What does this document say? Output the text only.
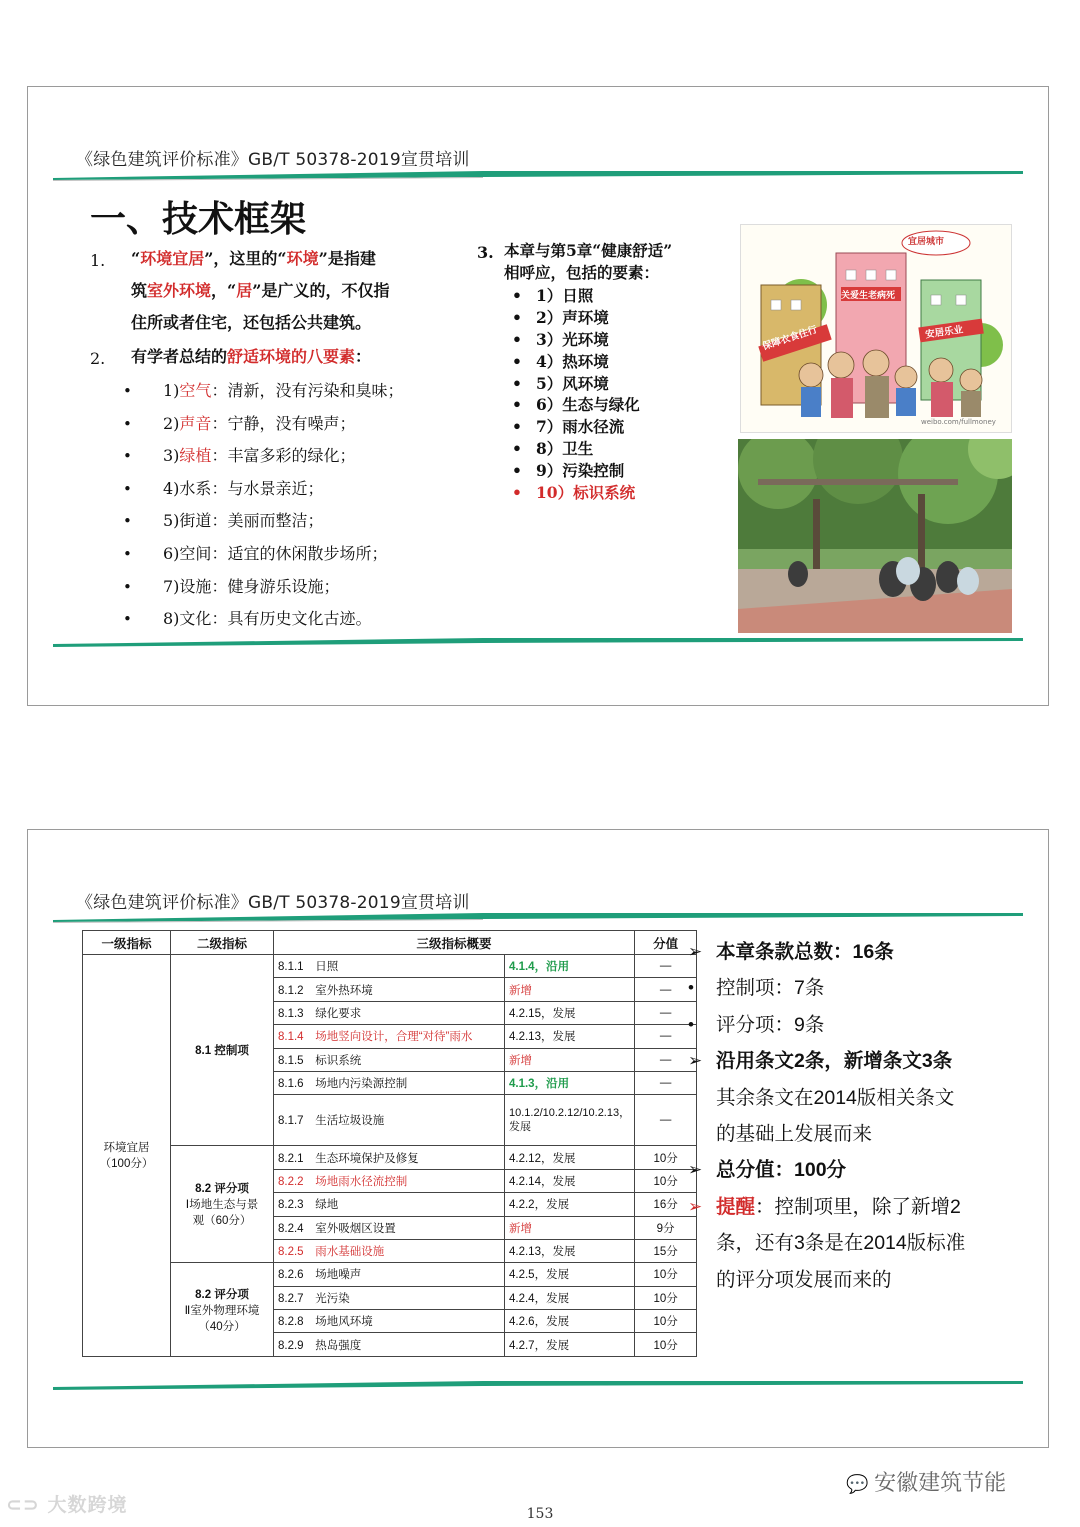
《绿色建筑评价标准》GB/T 50378-2019宣贯培训
一、技术框架
1. “环境宜居”，这里的“环境”是指建
筑室外环境，“居”是广义的，不仅指
住所或者住宅，还包括公共建筑。
2. 有学者总结的舒适环境的八要素：
• 1)空气：清新，没有污染和臭味；
• 2)声音：宁静，没有噪声；
• 3)绿植：丰富多彩的绿化；
• 4)水系：与水景亲近；
• 5)街道：美丽而整洁；
• 6)空间：适宜的休闲散步场所；
• 7)设施：健身游乐设施；
• 8)文化：具有历史文化古迹。
3. 本章与第5章“健康舒适”
相呼应，包括的要素：
• 1）日照
• 2）声环境
• 3）光环境
• 4）热环境
• 5）风环境
• 6）生态与绿化
• 7）雨水径流
• 8）卫生
• 9）污染控制
• 10）标识系统
宜居城市
关爱生老病死
保障衣食住行	安居乐业
weibo.com/fullmoney
《绿色建筑评价标准》GB/T 50378-2019宣贯培训
一级指标	二级指标	三级指标概要		分值

环境宜居
（100分）	8.1 控制项	8.1.1 日照	4.1.4，沿用	—
		8.1.2 室外热环境	新增	—
		8.1.3 绿化要求	4.2.15，发展	—
		8.1.4 场地竖向设计，合理“对待”雨水	4.2.13，发展	—
		8.1.5 标识系统	新增	—
		8.1.6 场地内污染源控制	4.1.3，沿用	—
		8.1.7 生活垃圾设施	10.1.2/10.2.12/10.2.13，发展	—

	8.2 评分项
Ⅰ场地生态与景
观（60分）	8.2.1 生态环境保护及修复	4.2.12，发展	10分
		8.2.2 场地雨水径流控制	4.2.14，发展	10分
		8.2.3 绿地	4.2.2，发展	16分
		8.2.4 室外吸烟区设置	新增	9分
		8.2.5 雨水基础设施	4.2.13，发展	15分

	8.2 评分项
Ⅱ室外物理环境
（40分）	8.2.6 场地噪声	4.2.5，发展	10分
		8.2.7 光污染	4.2.4，发展	10分
		8.2.8 场地风环境	4.2.6，发展	10分
		8.2.9 热岛强度	4.2.7，发展	10分
➢ 本章条款总数：16条
• 控制项：7条
• 评分项：9条
➢ 沿用条文2条，新增条文3条
其余条文在2014版相关条文
的基础上发展而来
➢ 总分值：100分
➢ 提醒：控制项里，除了新增2
条，还有3条是在2014版标准
的评分项发展而来的
⊂⊃ 大数跨境
💬 安徽建筑节能
153
